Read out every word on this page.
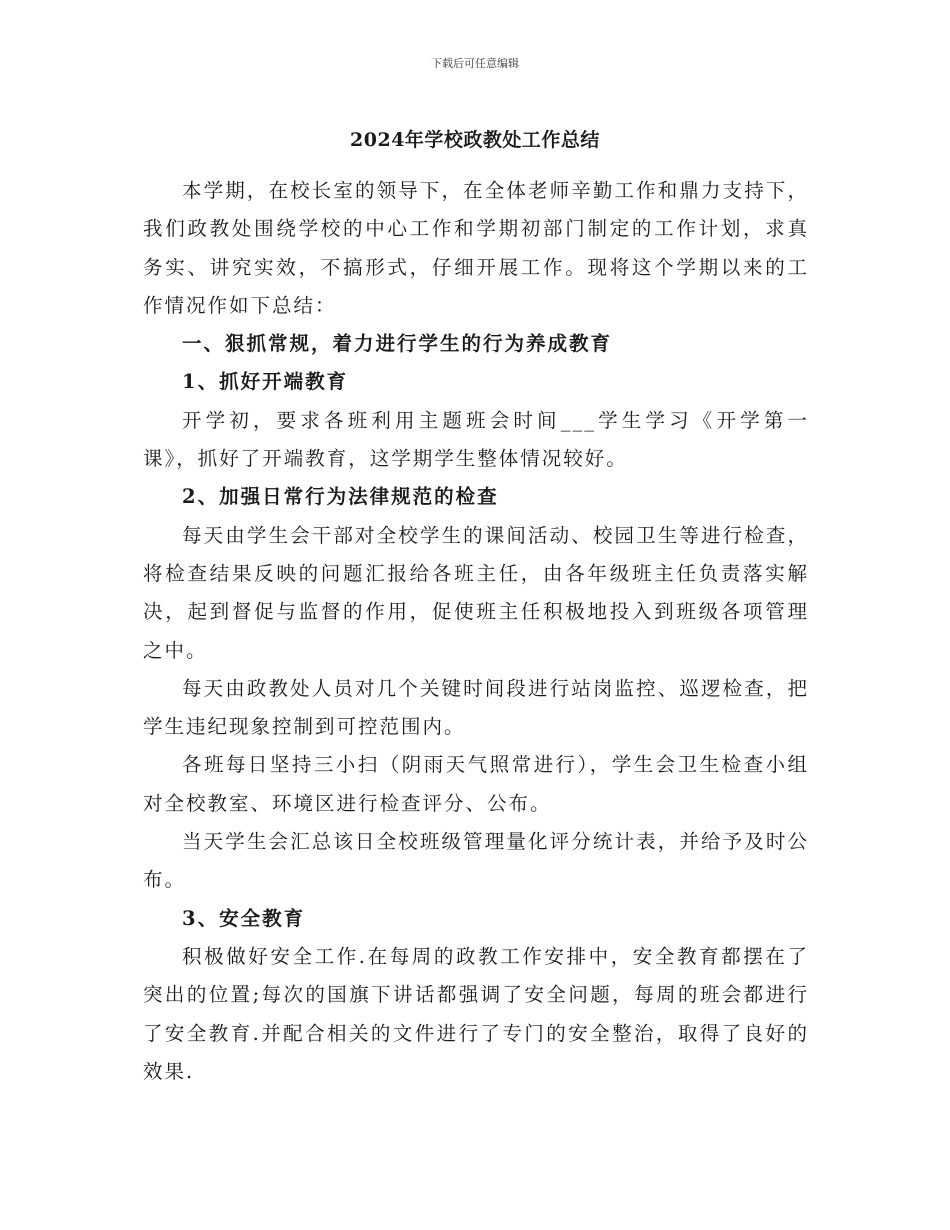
下载后可任意编辑
2024年学校政教处工作总结

本学期，在校长室的领导下，在全体老师辛勤工作和鼎力支持下，我们政教处围绕学校的中心工作和学期初部门制定的工作计划，求真务实、讲究实效，不搞形式，仔细开展工作。现将这个学期以来的工作情况作如下总结：

一、狠抓常规，着力进行学生的行为养成教育
1、抓好开端教育

开学初，要求各班利用主题班会时间___学生学习《开学第一课》，抓好了开端教育，这学期学生整体情况较好。

2、加强日常行为法律规范的检查

每天由学生会干部对全校学生的课间活动、校园卫生等进行检查，将检查结果反映的问题汇报给各班主任，由各年级班主任负责落实解决，起到督促与监督的作用，促使班主任积极地投入到班级各项管理之中。

每天由政教处人员对几个关键时间段进行站岗监控、巡逻检查，把学生违纪现象控制到可控范围内。

各班每日坚持三小扫（阴雨天气照常进行），学生会卫生检查小组对全校教室、环境区进行检查评分、公布。

当天学生会汇总该日全校班级管理量化评分统计表，并给予及时公布。

3、安全教育

积极做好安全工作.在每周的政教工作安排中，安全教育都摆在了突出的位置;每次的国旗下讲话都强调了安全问题，每周的班会都进行了安全教育.并配合相关的文件进行了专门的安全整治，取得了良好的效果.
